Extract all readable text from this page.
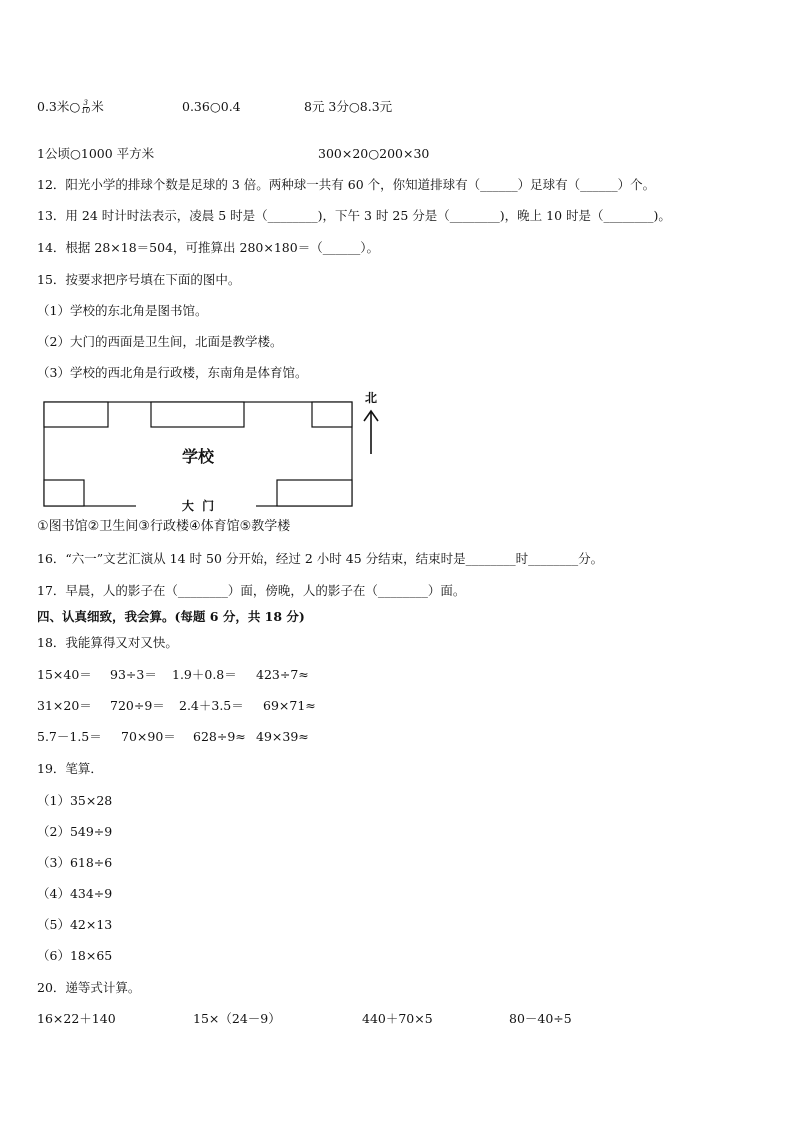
0.3米○ $\frac{3}{10}$ 米	0.36○0.4	8元 3分○8.3元
1公顷○1000 平方米	300×20○200×30
12．阳光小学的排球个数是足球的 3 倍。两种球一共有 60 个，你知道排球有（______）足球有（______）个。
13．用 24 时计时法表示，凌晨 5 时是（________)，下午 3 时 25 分是（________)，晚上 10 时是（________)。
14．根据 28×18＝504，可推算出 280×180＝（______）。
15．按要求把序号填在下面的图中。
（1）学校的东北角是图书馆。
（2）大门的西面是卫生间，北面是教学楼。
（3）学校的西北角是行政楼，东南角是体育馆。
学校
大  门
北
①图书馆②卫生间③行政楼④体育馆⑤教学楼
16．“六一”文艺汇演从 14 时 50 分开始，经过 2 小时 45 分结束，结束时是________时________分。
17．早晨，人的影子在（________）面，傍晚，人的影子在（________）面。
四、认真细致，我会算。(每题 6 分，共 18 分)
18．我能算得又对又快。
15×40＝ 93÷3＝ 1.9＋0.8＝ 423÷7≈
31×20＝ 720÷9＝ 2.4＋3.5＝ 69×71≈
5.7－1.5＝ 70×90＝ 628÷9≈ 49×39≈
19．笔算．
（1）35×28
（2）549÷9
（3）618÷6
（4）434÷9
（5）42×13
（6）18×65
20．递等式计算。
16×22＋140	15×（24－9）	440＋70×5	80－40÷5
